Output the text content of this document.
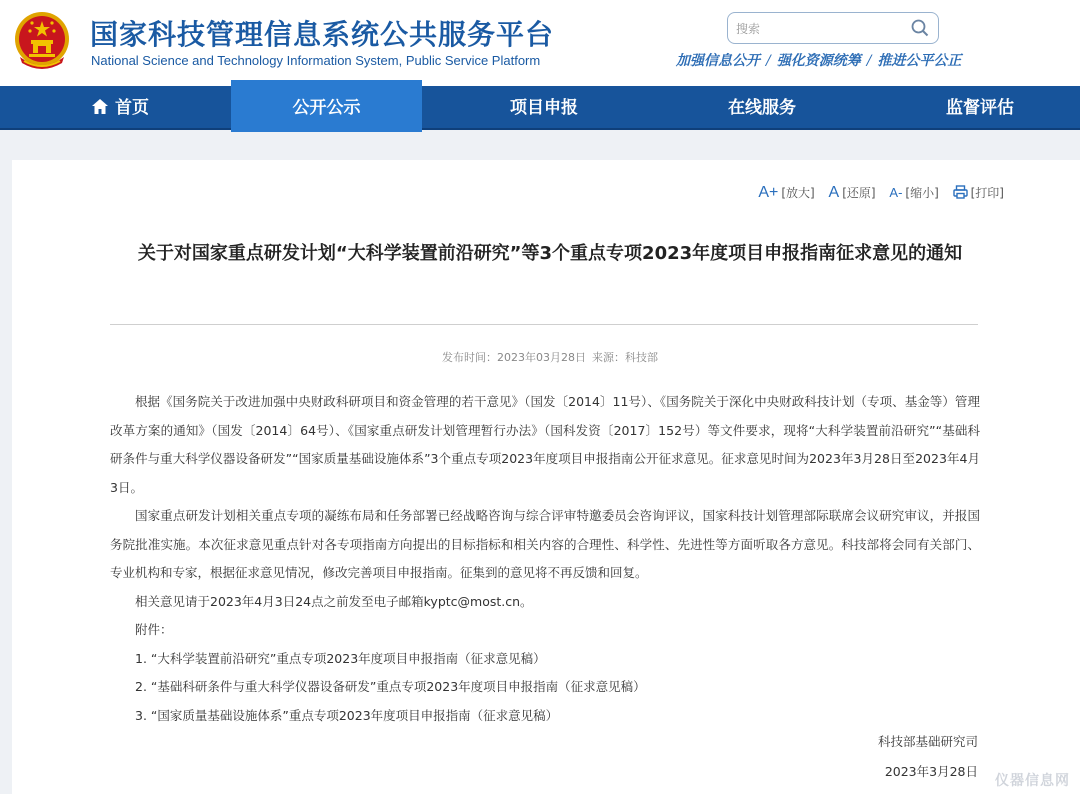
国家科技管理信息系统公共服务平台
National Science and Technology Information System, Public Service Platform
搜索	加强信息公开 / 强化资源统筹 / 推进公平公正
首页	公开公示	项目申报	在线服务	监督评估
A+ [放大] A [还原] A- [缩小]	[打印]
关于对国家重点研发计划“大科学装置前沿研究”等3个重点专项2023年度项目申报指南征求意见的通知
发布时间：2023年03月28日 来源：科技部

根据《国务院关于改进加强中央财政科研项目和资金管理的若干意见》（国发〔2014〕11号）、《国务院关于深化中央财政科技计划（专项、基金等）管理改革方案的通知》（国发〔2014〕64号）、《国家重点研发计划管理暂行办法》（国科发资〔2017〕152号）等文件要求，现将“大科学装置前沿研究”“基础科研条件与重大科学仪器设备研发”“国家质量基础设施体系”3个重点专项2023年度项目申报指南公开征求意见。征求意见时间为2023年3月28日至2023年4月3日。

国家重点研发计划相关重点专项的凝练布局和任务部署已经战略咨询与综合评审特邀委员会咨询评议，国家科技计划管理部际联席会议研究审议，并报国务院批准实施。本次征求意见重点针对各专项指南方向提出的目标指标和相关内容的合理性、科学性、先进性等方面听取各方意见。科技部将会同有关部门、专业机构和专家，根据征求意见情况，修改完善项目申报指南。征集到的意见将不再反馈和回复。

相关意见请于2023年4月3日24点之前发至电子邮箱kyptc@most.cn。

附件：

1. “大科学装置前沿研究”重点专项2023年度项目申报指南（征求意见稿）

2. “基础科研条件与重大科学仪器设备研发”重点专项2023年度项目申报指南（征求意见稿）

3. “国家质量基础设施体系”重点专项2023年度项目申报指南（征求意见稿）

科技部基础研究司
2023年3月28日
仪器信息网
